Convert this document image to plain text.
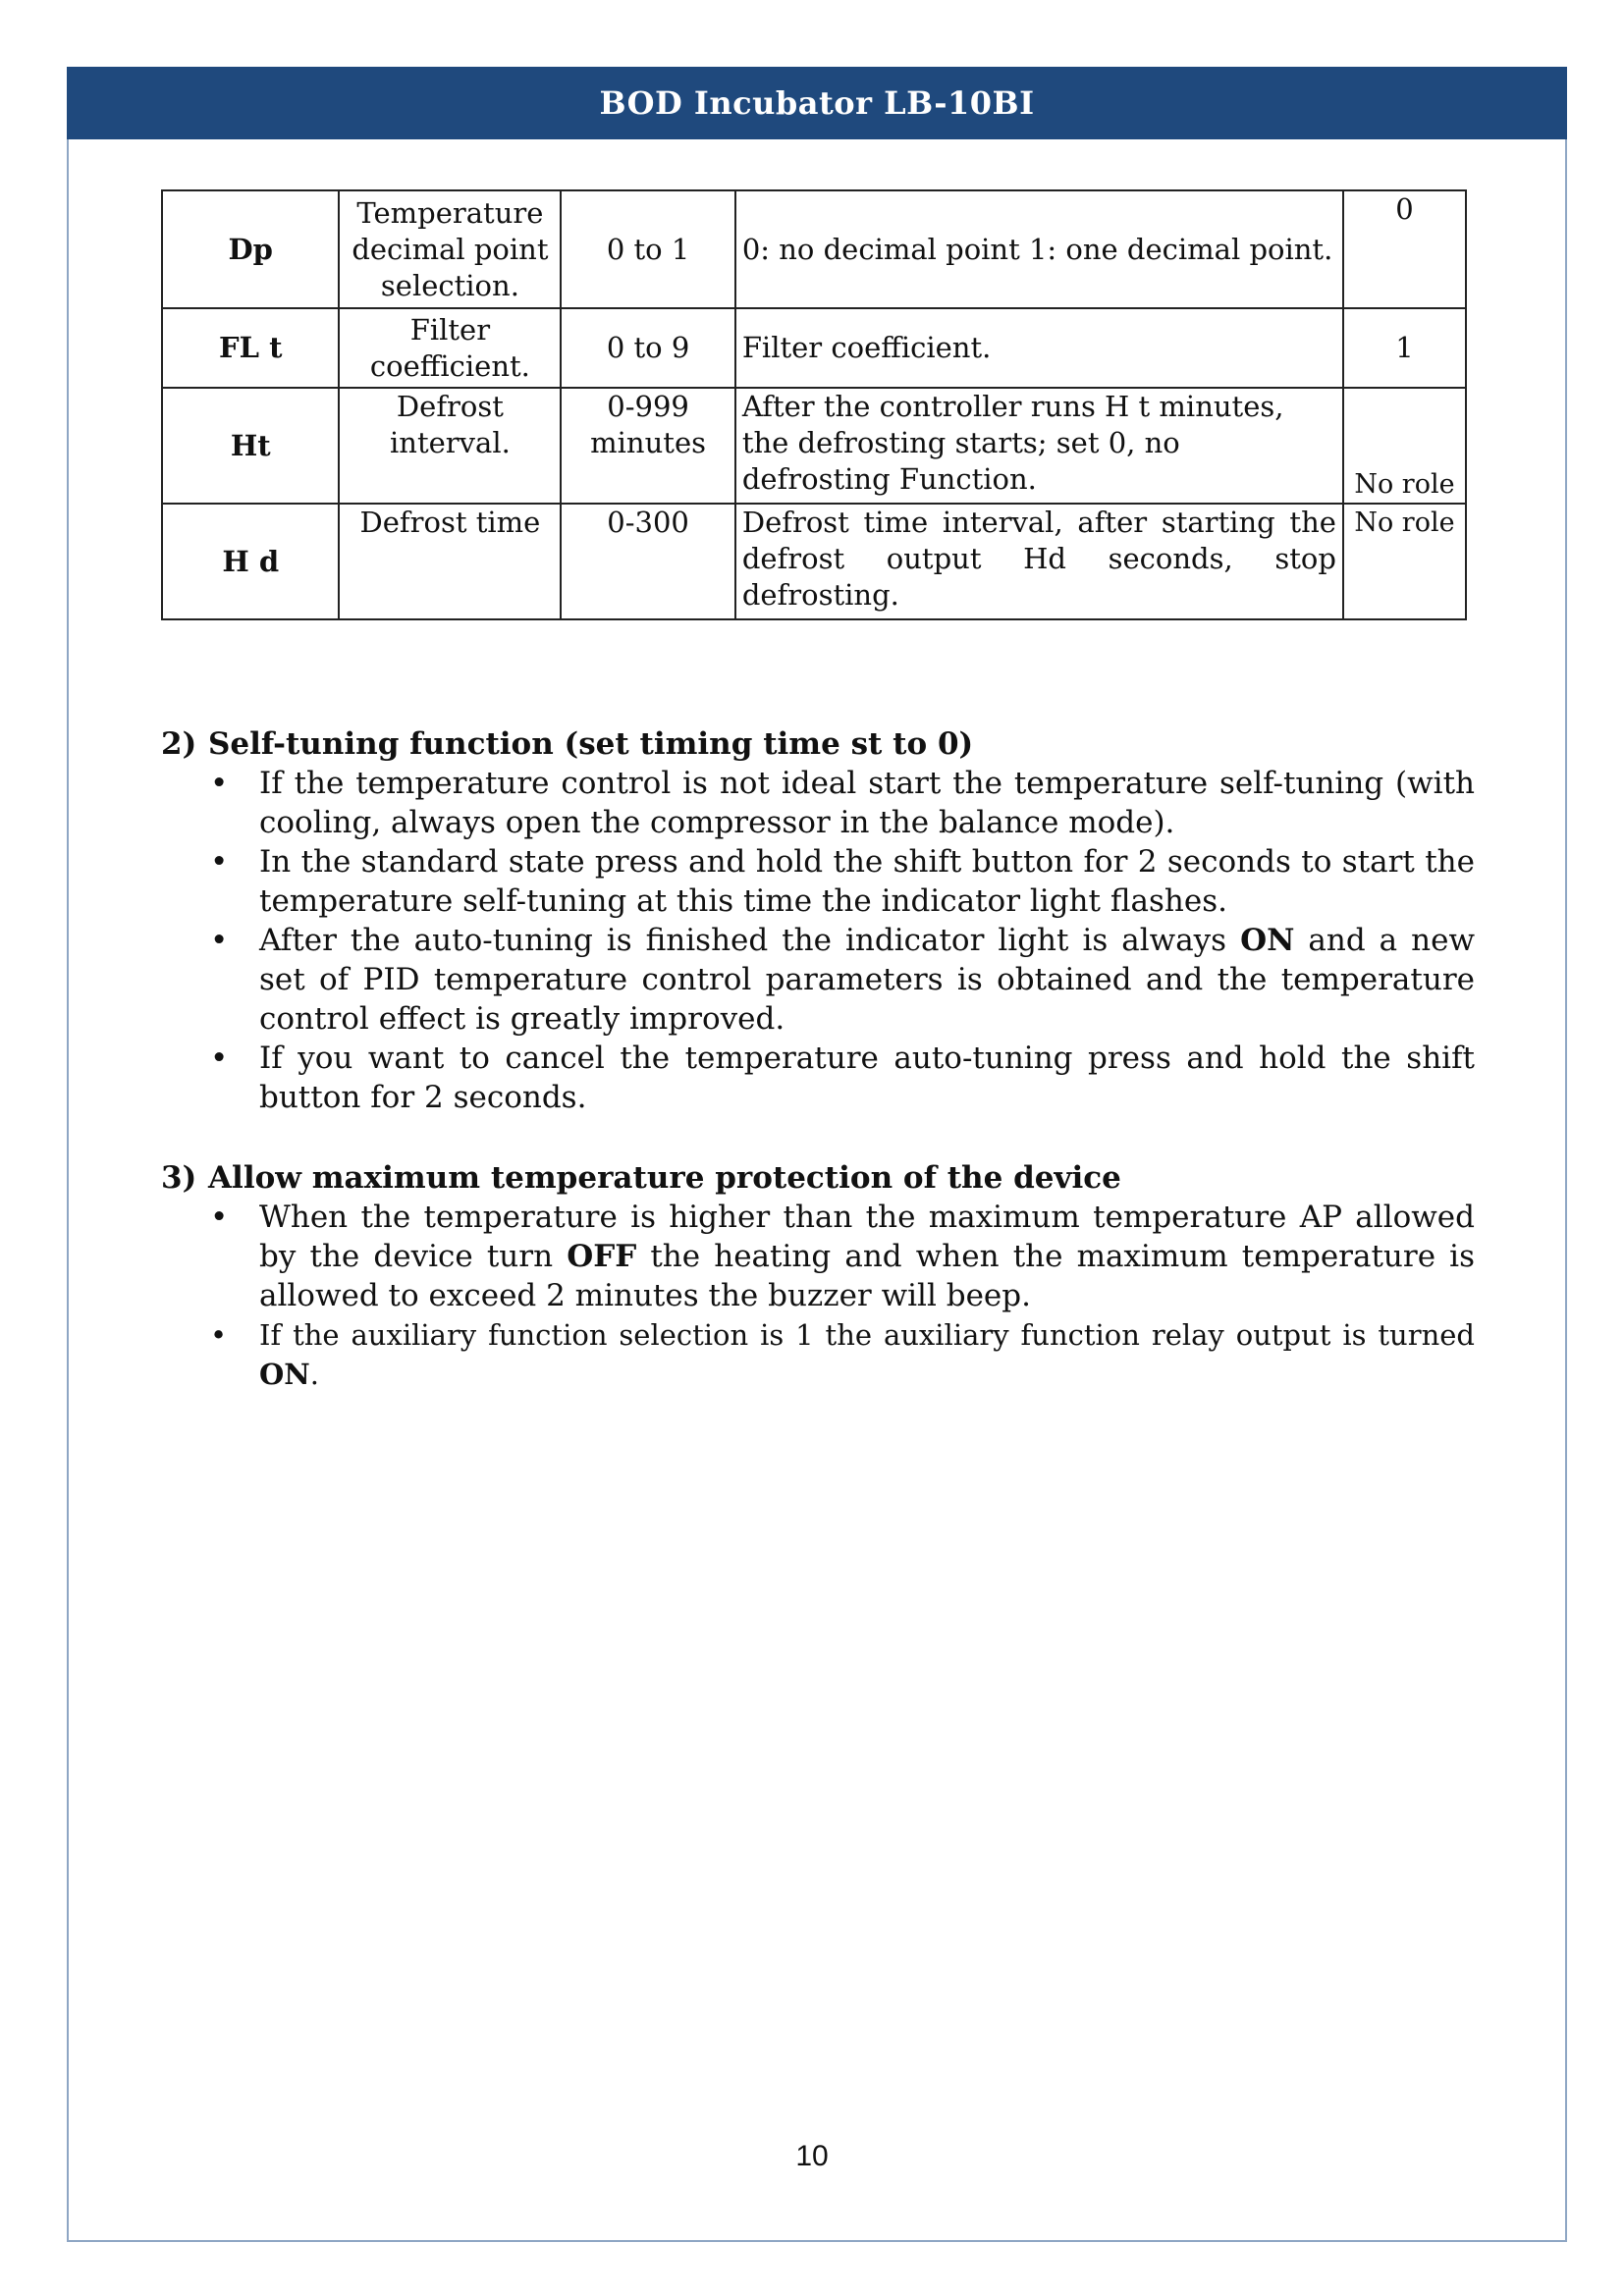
BOD Incubator LB-10BI
Dp	Temperature decimal point selection.	0 to 1	0: no decimal point 1: one decimal point.	0
FL t	Filter coefficient.	0 to 9	Filter coefficient.	1
Ht	Defrost interval.	0-999 minutes	After the controller runs H t minutes, the defrosting starts; set 0, no defrosting Function.	No role
H d	Defrost time	0-300	Defrost time interval, after starting the defrost output Hd seconds, stop defrosting.	No role
2) Self-tuning function (set timing time st to 0)
• If the temperature control is not ideal start the temperature self-tuning (with cooling, always open the compressor in the balance mode).
• In the standard state press and hold the shift button for 2 seconds to start the temperature self-tuning at this time the indicator light flashes.
• After the auto-tuning is finished the indicator light is always ON and a new set of PID temperature control parameters is obtained and the temperature control effect is greatly improved.
• If you want to cancel the temperature auto-tuning press and hold the shift button for 2 seconds.
3) Allow maximum temperature protection of the device
• When the temperature is higher than the maximum temperature AP allowed by the device turn OFF the heating and when the maximum temperature is allowed to exceed 2 minutes the buzzer will beep.
• If the auxiliary function selection is 1 the auxiliary function relay output is turned ON.
10
